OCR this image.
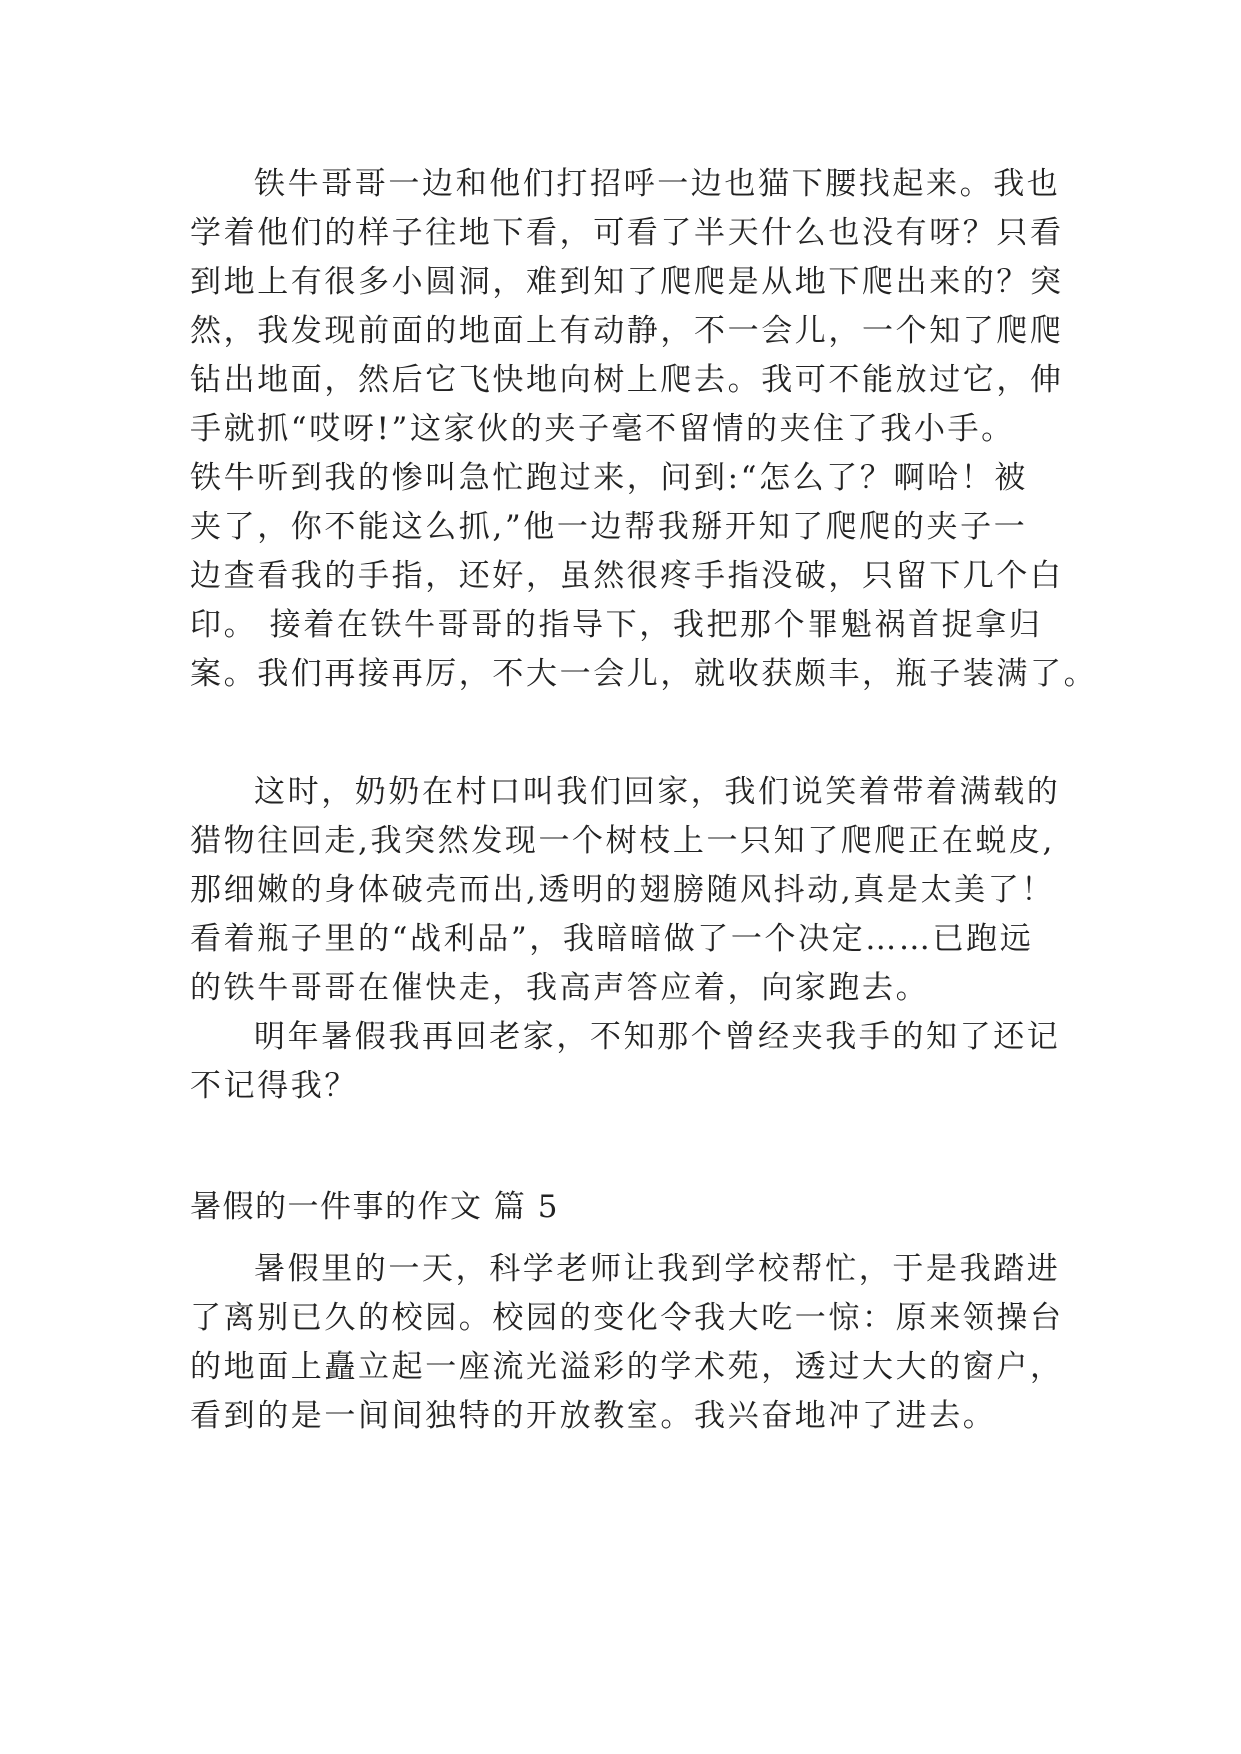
铁牛哥哥一边和他们打招呼一边也猫下腰找起来。我也
学着他们的样子往地下看，可看了半天什么也没有呀？只看
到地上有很多小圆洞，难到知了爬爬是从地下爬出来的？突
然，我发现前面的地面上有动静，不一会儿，一个知了爬爬
钻出地面，然后它飞快地向树上爬去。我可不能放过它，伸
手就抓“哎呀!”这家伙的夹子毫不留情的夹住了我小手。
铁牛听到我的惨叫急忙跑过来，问到:“怎么了？啊哈！被
夹了，你不能这么抓,”他一边帮我掰开知了爬爬的夹子一
边查看我的手指，还好，虽然很疼手指没破，只留下几个白
印。 接着在铁牛哥哥的指导下，我把那个罪魁祸首捉拿归
案。我们再接再厉，不大一会儿，就收获颇丰，瓶子装满了。
这时，奶奶在村口叫我们回家，我们说笑着带着满载的
猎物往回走,我突然发现一个树枝上一只知了爬爬正在蜕皮,
那细嫩的身体破壳而出,透明的翅膀随风抖动,真是太美了！
看着瓶子里的“战利品”，我暗暗做了一个决定……已跑远
的铁牛哥哥在催快走，我高声答应着，向家跑去。
明年暑假我再回老家，不知那个曾经夹我手的知了还记
不记得我？
暑假的一件事的作文 篇 5
暑假里的一天，科学老师让我到学校帮忙，于是我踏进
了离别已久的校园。校园的变化令我大吃一惊：原来领操台
的地面上矗立起一座流光溢彩的学术苑，透过大大的窗户，
看到的是一间间独特的开放教室。我兴奋地冲了进去。
